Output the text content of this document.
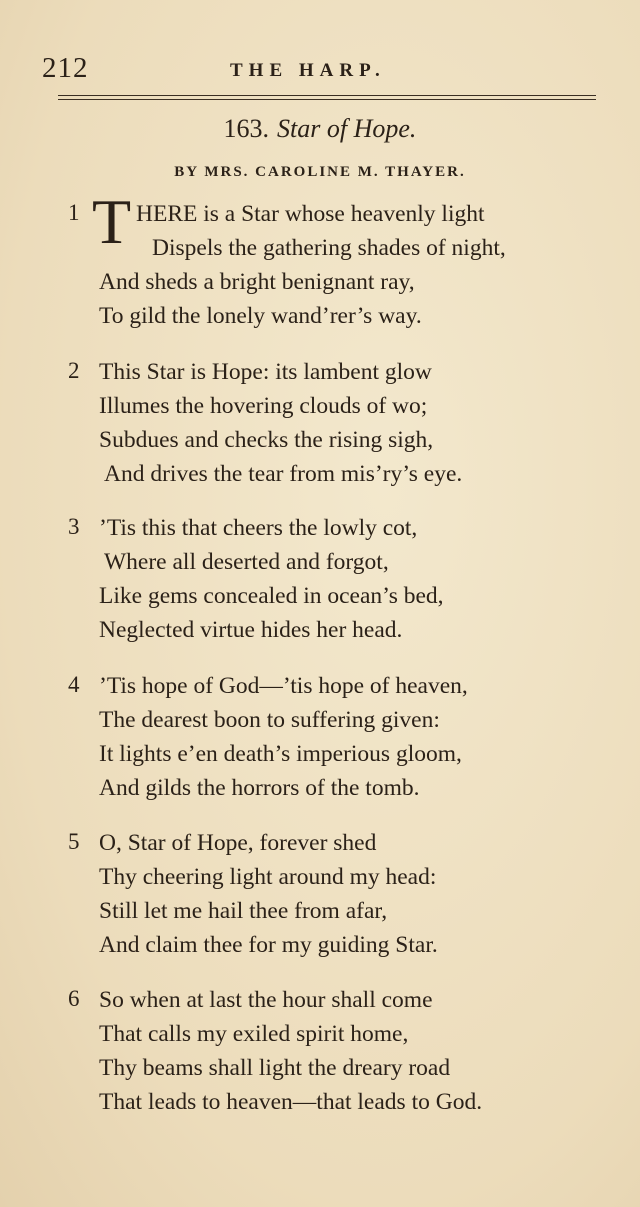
212	THE HARP.
163. Star of Hope.
BY MRS. CAROLINE M. THAYER.
T
1 HERE is a Star whose heavenly light
Dispels the gathering shades of night,
And sheds a bright benignant ray,
To gild the lonely wand’rer’s way.
2 This Star is Hope: its lambent glow
Illumes the hovering clouds of wo;
Subdues and checks the rising sigh,
And drives the tear from mis’ry’s eye.
3 ’Tis this that cheers the lowly cot,
Where all deserted and forgot,
Like gems concealed in ocean’s bed,
Neglected virtue hides her head.
4 ’Tis hope of God—’tis hope of heaven,
The dearest boon to suffering given:
It lights e’en death’s imperious gloom,
And gilds the horrors of the tomb.
5 O, Star of Hope, forever shed
Thy cheering light around my head:
Still let me hail thee from afar,
And claim thee for my guiding Star.
6 So when at last the hour shall come
That calls my exiled spirit home,
Thy beams shall light the dreary road
That leads to heaven—that leads to God.
